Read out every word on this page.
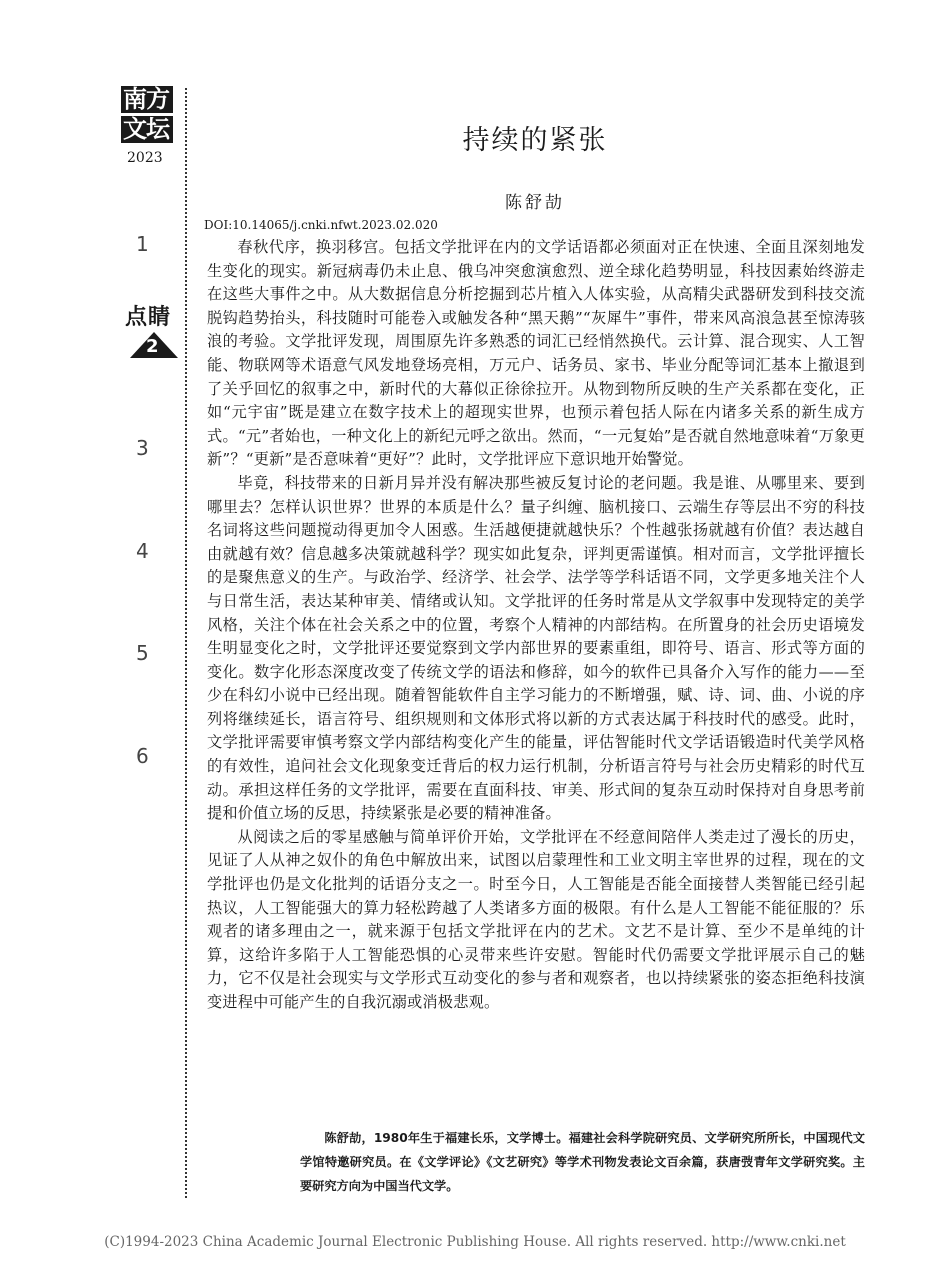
南方
文坛
2023
1
点睛
2
3
4
5
6
持续的紧张
陈舒劼
DOI:10.14065/j.cnki.nfwt.2023.02.020

春秋代序，换羽移宫。包括文学批评在内的文学话语都必须面对正在快速、全面且深刻地发生变化的现实。新冠病毒仍未止息、俄乌冲突愈演愈烈、逆全球化趋势明显，科技因素始终游走在这些大事件之中。从大数据信息分析挖掘到芯片植入人体实验，从高精尖武器研发到科技交流脱钩趋势抬头，科技随时可能卷入或触发各种“黑天鹅”“灰犀牛”事件，带来风高浪急甚至惊涛骇浪的考验。文学批评发现，周围原先许多熟悉的词汇已经悄然换代。云计算、混合现实、人工智能、物联网等术语意气风发地登场亮相，万元户、话务员、家书、毕业分配等词汇基本上撤退到了关乎回忆的叙事之中，新时代的大幕似正徐徐拉开。从物到物所反映的生产关系都在变化，正如“元宇宙”既是建立在数字技术上的超现实世界，也预示着包括人际在内诸多关系的新生成方式。“元”者始也，一种文化上的新纪元呼之欲出。然而，“一元复始”是否就自然地意味着“万象更新”？“更新”是否意味着“更好”？此时，文学批评应下意识地开始警觉。

毕竟，科技带来的日新月异并没有解决那些被反复讨论的老问题。我是谁、从哪里来、要到哪里去？怎样认识世界？世界的本质是什么？量子纠缠、脑机接口、云端生存等层出不穷的科技名词将这些问题搅动得更加令人困惑。生活越便捷就越快乐？个性越张扬就越有价值？表达越自由就越有效？信息越多决策就越科学？现实如此复杂，评判更需谨慎。相对而言，文学批评擅长的是聚焦意义的生产。与政治学、经济学、社会学、法学等学科话语不同，文学更多地关注个人与日常生活，表达某种审美、情绪或认知。文学批评的任务时常是从文学叙事中发现特定的美学风格，关注个体在社会关系之中的位置，考察个人精神的内部结构。在所置身的社会历史语境发生明显变化之时，文学批评还要觉察到文学内部世界的要素重组，即符号、语言、形式等方面的变化。数字化形态深度改变了传统文学的语法和修辞，如今的软件已具备介入写作的能力——至少在科幻小说中已经出现。随着智能软件自主学习能力的不断增强，赋、诗、词、曲、小说的序列将继续延长，语言符号、组织规则和文体形式将以新的方式表达属于科技时代的感受。此时，文学批评需要审慎考察文学内部结构变化产生的能量，评估智能时代文学话语锻造时代美学风格的有效性，追问社会文化现象变迁背后的权力运行机制，分析语言符号与社会历史精彩的时代互动。承担这样任务的文学批评，需要在直面科技、审美、形式间的复杂互动时保持对自身思考前提和价值立场的反思，持续紧张是必要的精神准备。

从阅读之后的零星感触与简单评价开始，文学批评在不经意间陪伴人类走过了漫长的历史，见证了人从神之奴仆的角色中解放出来，试图以启蒙理性和工业文明主宰世界的过程，现在的文学批评也仍是文化批判的话语分支之一。时至今日，人工智能是否能全面接替人类智能已经引起热议，人工智能强大的算力轻松跨越了人类诸多方面的极限。有什么是人工智能不能征服的？乐观者的诸多理由之一，就来源于包括文学批评在内的艺术。文艺不是计算、至少不是单纯的计算，这给许多陷于人工智能恐惧的心灵带来些许安慰。智能时代仍需要文学批评展示自己的魅力，它不仅是社会现实与文学形式互动变化的参与者和观察者，也以持续紧张的姿态拒绝科技演变进程中可能产生的自我沉溺或消极悲观。

陈舒劼，1980年生于福建长乐，文学博士。福建社会科学院研究员、文学研究所所长，中国现代文学馆特邀研究员。在《文学评论》《文艺研究》等学术刊物发表论文百余篇，获唐弢青年文学研究奖。主要研究方向为中国当代文学。
(C)1994-2023 China Academic Journal Electronic Publishing House. All rights reserved. http://www.cnki.net
